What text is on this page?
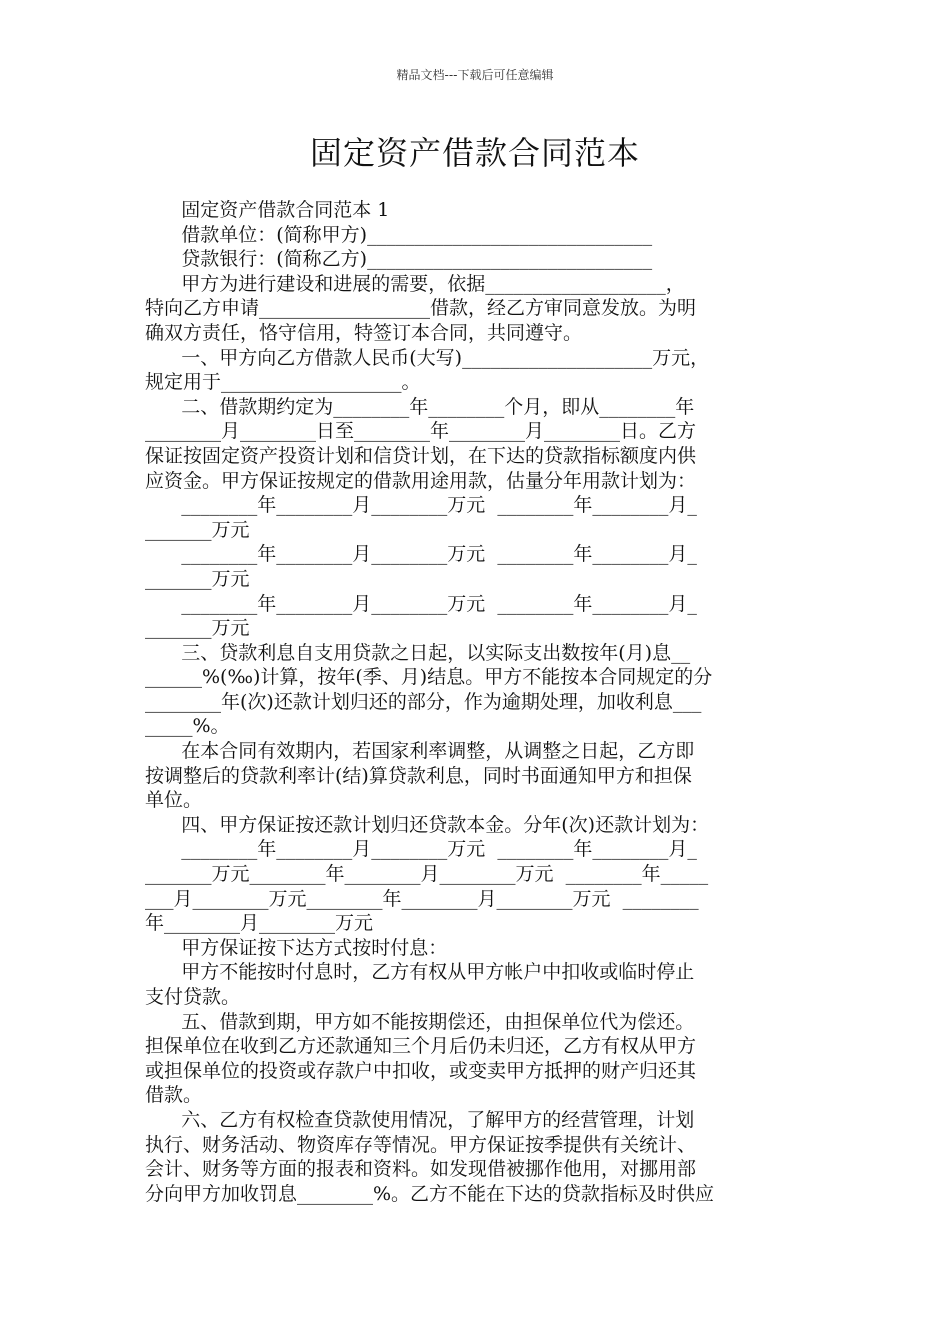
精品文档---下载后可任意编辑
固定资产借款合同范本
固定资产借款合同范本 1
借款单位：(简称甲方)______________________________
贷款银行：(简称乙方)______________________________
甲方为进行建设和进展的需要，依据___________________，
特向乙方申请__________________借款，经乙方审同意发放。为明
确双方责任，恪守信用，特签订本合同，共同遵守。
一、甲方向乙方借款人民币(大写)____________________万元，
规定用于___________________。
二、借款期约定为________年________个月，即从________年
________月________日至________年________月________日。乙方
保证按固定资产投资计划和信贷计划，在下达的贷款指标额度内供
应资金。甲方保证按规定的借款用途用款，估量分年用款计划为：
________年________月________万元  ________年________月_
_______万元
________年________月________万元  ________年________月_
_______万元
________年________月________万元  ________年________月_
_______万元
三、贷款利息自支用贷款之日起，以实际支出数按年(月)息__
______%(‰)计算，按年(季、月)结息。甲方不能按本合同规定的分
________年(次)还款计划归还的部分，作为逾期处理，加收利息___
_____%。
在本合同有效期内，若国家利率调整，从调整之日起，乙方即
按调整后的贷款利率计(结)算贷款利息，同时书面通知甲方和担保
单位。
四、甲方保证按还款计划归还贷款本金。分年(次)还款计划为：
________年________月________万元  ________年________月_
_______万元________年________月________万元  ________年_____
___月________万元________年________月________万元  ________
年________月________万元
甲方保证按下达方式按时付息：
甲方不能按时付息时，乙方有权从甲方帐户中扣收或临时停止
支付贷款。
五、借款到期，甲方如不能按期偿还，由担保单位代为偿还。
担保单位在收到乙方还款通知三个月后仍未归还，乙方有权从甲方
或担保单位的投资或存款户中扣收，或变卖甲方抵押的财产归还其
借款。
六、乙方有权检查贷款使用情况，了解甲方的经营管理，计划
执行、财务活动、物资库存等情况。甲方保证按季提供有关统计、
会计、财务等方面的报表和资料。如发现借被挪作他用，对挪用部
分向甲方加收罚息________%。乙方不能在下达的贷款指标及时供应
